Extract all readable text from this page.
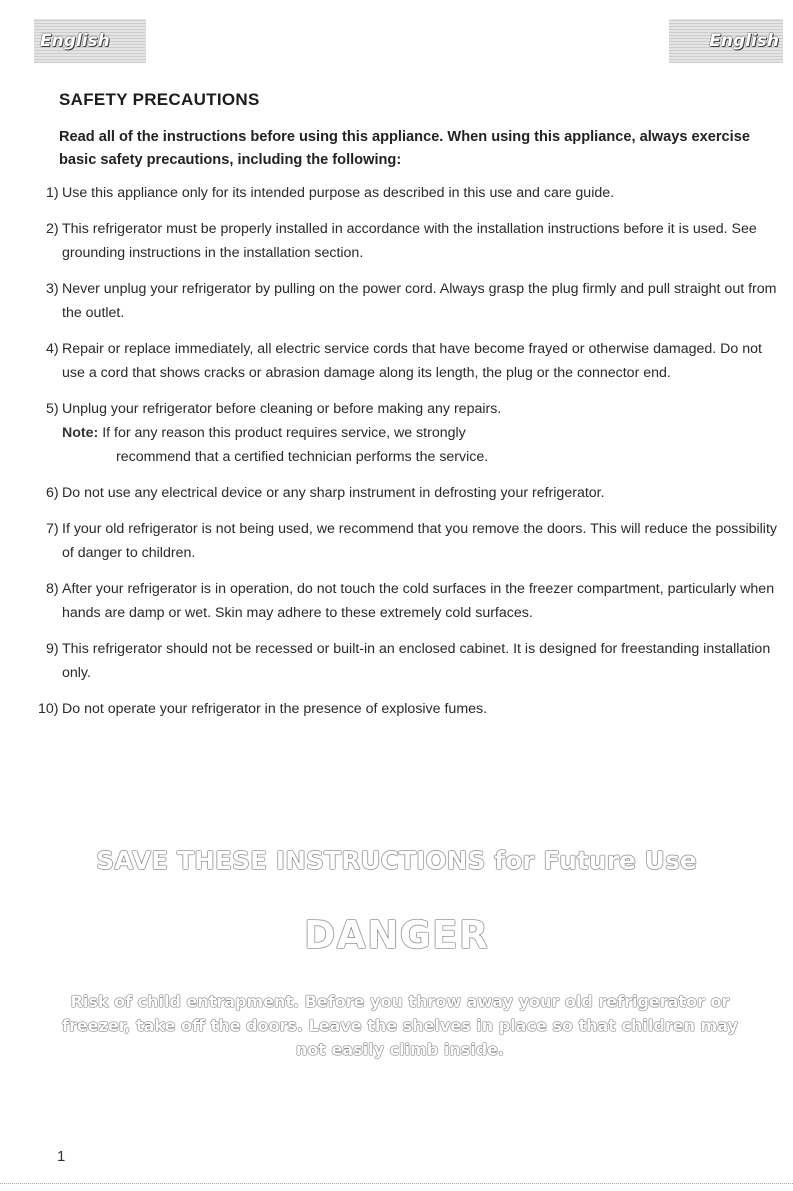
English	English
SAFETY PRECAUTIONS

Read all of the instructions before using this appliance. When using this appliance, always exercise basic safety precautions, including the following:

1) Use this appliance only for its intended purpose as described in this use and care guide.
2) This refrigerator must be properly installed in accordance with the installation instructions before it is used. See grounding instructions in the installation section.
3) Never unplug your refrigerator by pulling on the power cord. Always grasp the plug firmly and pull straight out from the outlet.
4) Repair or replace immediately, all electric service cords that have become frayed or otherwise damaged. Do not use a cord that shows cracks or abrasion damage along its length, the plug or the connector end.
5) Unplug your refrigerator before cleaning or before making any repairs.
Note: If for any reason this product requires service, we strongly
recommend that a certified technician performs the service.
6) Do not use any electrical device or any sharp instrument in defrosting your refrigerator.
7) If your old refrigerator is not being used, we recommend that you remove the doors. This will reduce the possibility of danger to children.
8) After your refrigerator is in operation, do not touch the cold surfaces in the freezer compartment, particularly when hands are damp or wet. Skin may adhere to these extremely cold surfaces.
9) This refrigerator should not be recessed or built-in an enclosed cabinet. It is designed for freestanding installation only.
10) Do not operate your refrigerator in the presence of explosive fumes.
SAVE THESE INSTRUCTIONS for Future Use
DANGER

Risk of child entrapment. Before you throw away your old refrigerator or freezer, take off the doors. Leave the shelves in place so that children may not easily climb inside.

1
